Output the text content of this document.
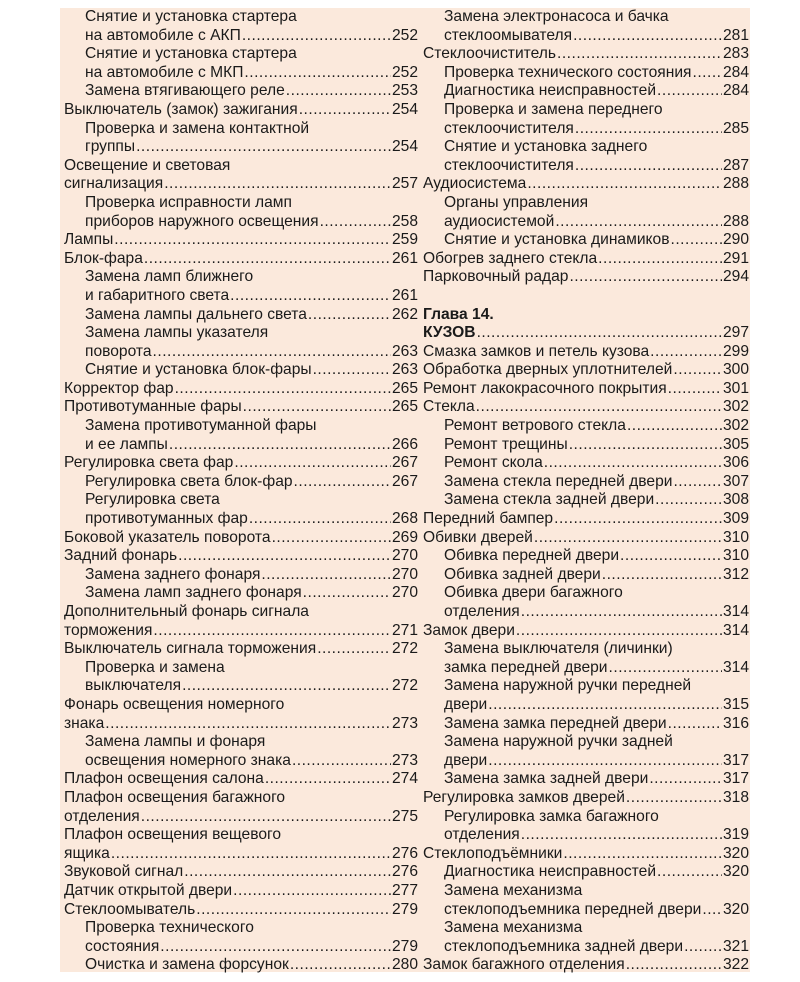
Снятие и установка стартера
на автомобиле с АКП .....	252
Снятие и установка стартера
на автомобиле с МКП .....	252
Замена втягивающего реле .....	253
Выключатель (замок) зажигания .....	254
Проверка и замена контактной
группы .....	254
Освещение и световая
сигнализация .....	257
Проверка исправности ламп
приборов наружного освещения .....	258
Лампы .....	259
Блок-фара .....	261
Замена ламп ближнего
и габаритного света .....	261
Замена лампы дальнего света .....	262
Замена лампы указателя
поворота .....	263
Снятие и установка блок-фары .....	263
Корректор фар .....	265
Противотуманные фары .....	265
Замена противотуманной фары
и ее лампы .....	266
Регулировка света фар .....	267
Регулировка света блок-фар .....	267
Регулировка света
противотуманных фар .....	268
Боковой указатель поворота .....	269
Задний фонарь .....	270
Замена заднего фонаря .....	270
Замена ламп заднего фонаря .....	270
Дополнительный фонарь сигнала
торможения .....	271
Выключатель сигнала торможения .....	272
Проверка и замена
выключателя .....	272
Фонарь освещения номерного
знака .....	273
Замена лампы и фонаря
освещения номерного знака .....	273
Плафон освещения салона .....	274
Плафон освещения багажного
отделения .....	275
Плафон освещения вещевого
ящика .....	276
Звуковой сигнал .....	276
Датчик открытой двери .....	277
Стеклоомыватель .....	279
Проверка технического
состояния .....	279
Очистка и замена форсунок .....	280
Замена электронасоса и бачка
стеклоомывателя .....	281
Стеклоочиститель .....	283
Проверка технического состояния ..... 284
Диагностика неисправностей .....	284
Проверка и замена переднего
стеклоочистителя .....	285
Снятие и установка заднего
стеклоочистителя .....	287
Аудиосистема .....	288
Органы управления
аудиосистемой .....	288
Снятие и установка динамиков .....	290
Обогрев заднего стекла .....	291
Парковочный радар .....	294
Глава 14.
КУЗОВ .....	297
Смазка замков и петель кузова .....	299
Обработка дверных уплотнителей .....	300
Ремонт лакокрасочного покрытия .....	301
Стекла .....	302
Ремонт ветрового стекла .....	302
Ремонт трещины .....	305
Ремонт скола .....	306
Замена стекла передней двери .....	307
Замена стекла задней двери .....	308
Передний бампер .....	309
Обивки дверей .....	310
Обивка передней двери .....	310
Обивка задней двери .....	312
Обивка двери багажного
отделения .....	314
Замок двери .....	314
Замена выключателя (личинки)
замка передней двери .....	314
Замена наружной ручки передней
двери .....	315
Замена замка передней двери .....	316
Замена наружной ручки задней
двери .....	317
Замена замка задней двери .....	317
Регулировка замков дверей .....	318
Регулировка замка багажного
отделения .....	319
Стеклоподъёмники .....	320
Диагностика неисправностей .....	320
Замена механизма
стеклоподъемника передней двери ..... 320
Замена механизма
стеклоподъемника задней двери .....	321
Замок багажного отделения .....	322
